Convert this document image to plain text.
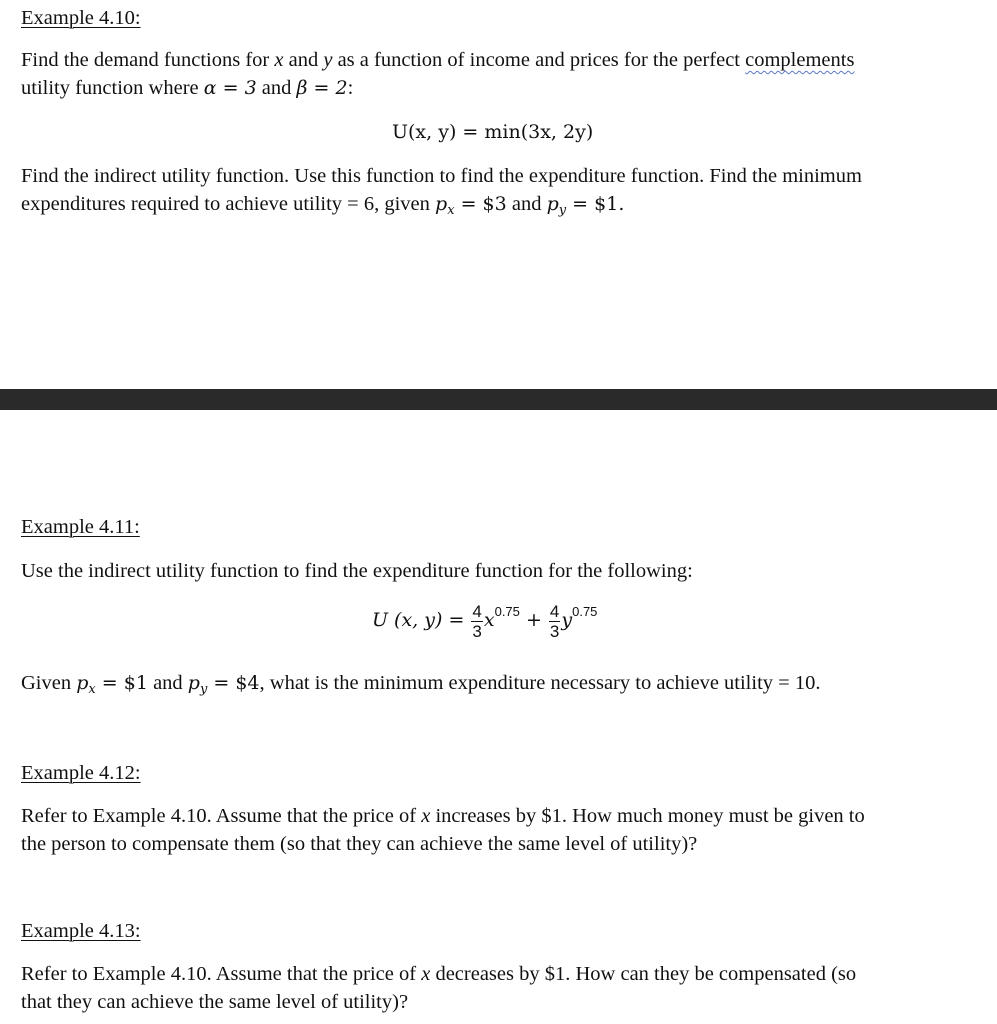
Example 4.10:
Find the demand functions for x and y as a function of income and prices for the perfect complements
utility function where α = 3 and β = 2:
U(x, y) = min(3x, 2y)
Find the indirect utility function. Use this function to find the expenditure function. Find the minimum
expenditures required to achieve utility = 6, given $p_x$ = $3 and $p_y$ = $1.
Example 4.11:
Use the indirect utility function to find the expenditure function for the following:
U (x, $y) = \frac{4}{3} x^{0.75} + \frac{4}{3} y^{0.75}$
Given $p_x$ = $1 and $p_y$ = $4, what is the minimum expenditure necessary to achieve utility = 10.
Example 4.12:
Refer to Example 4.10. Assume that the price of x increases by $1. How much money must be given to
the person to compensate them (so that they can achieve the same level of utility)?
Example 4.13:
Refer to Example 4.10. Assume that the price of x decreases by $1. How can they be compensated (so
that they can achieve the same level of utility)?
